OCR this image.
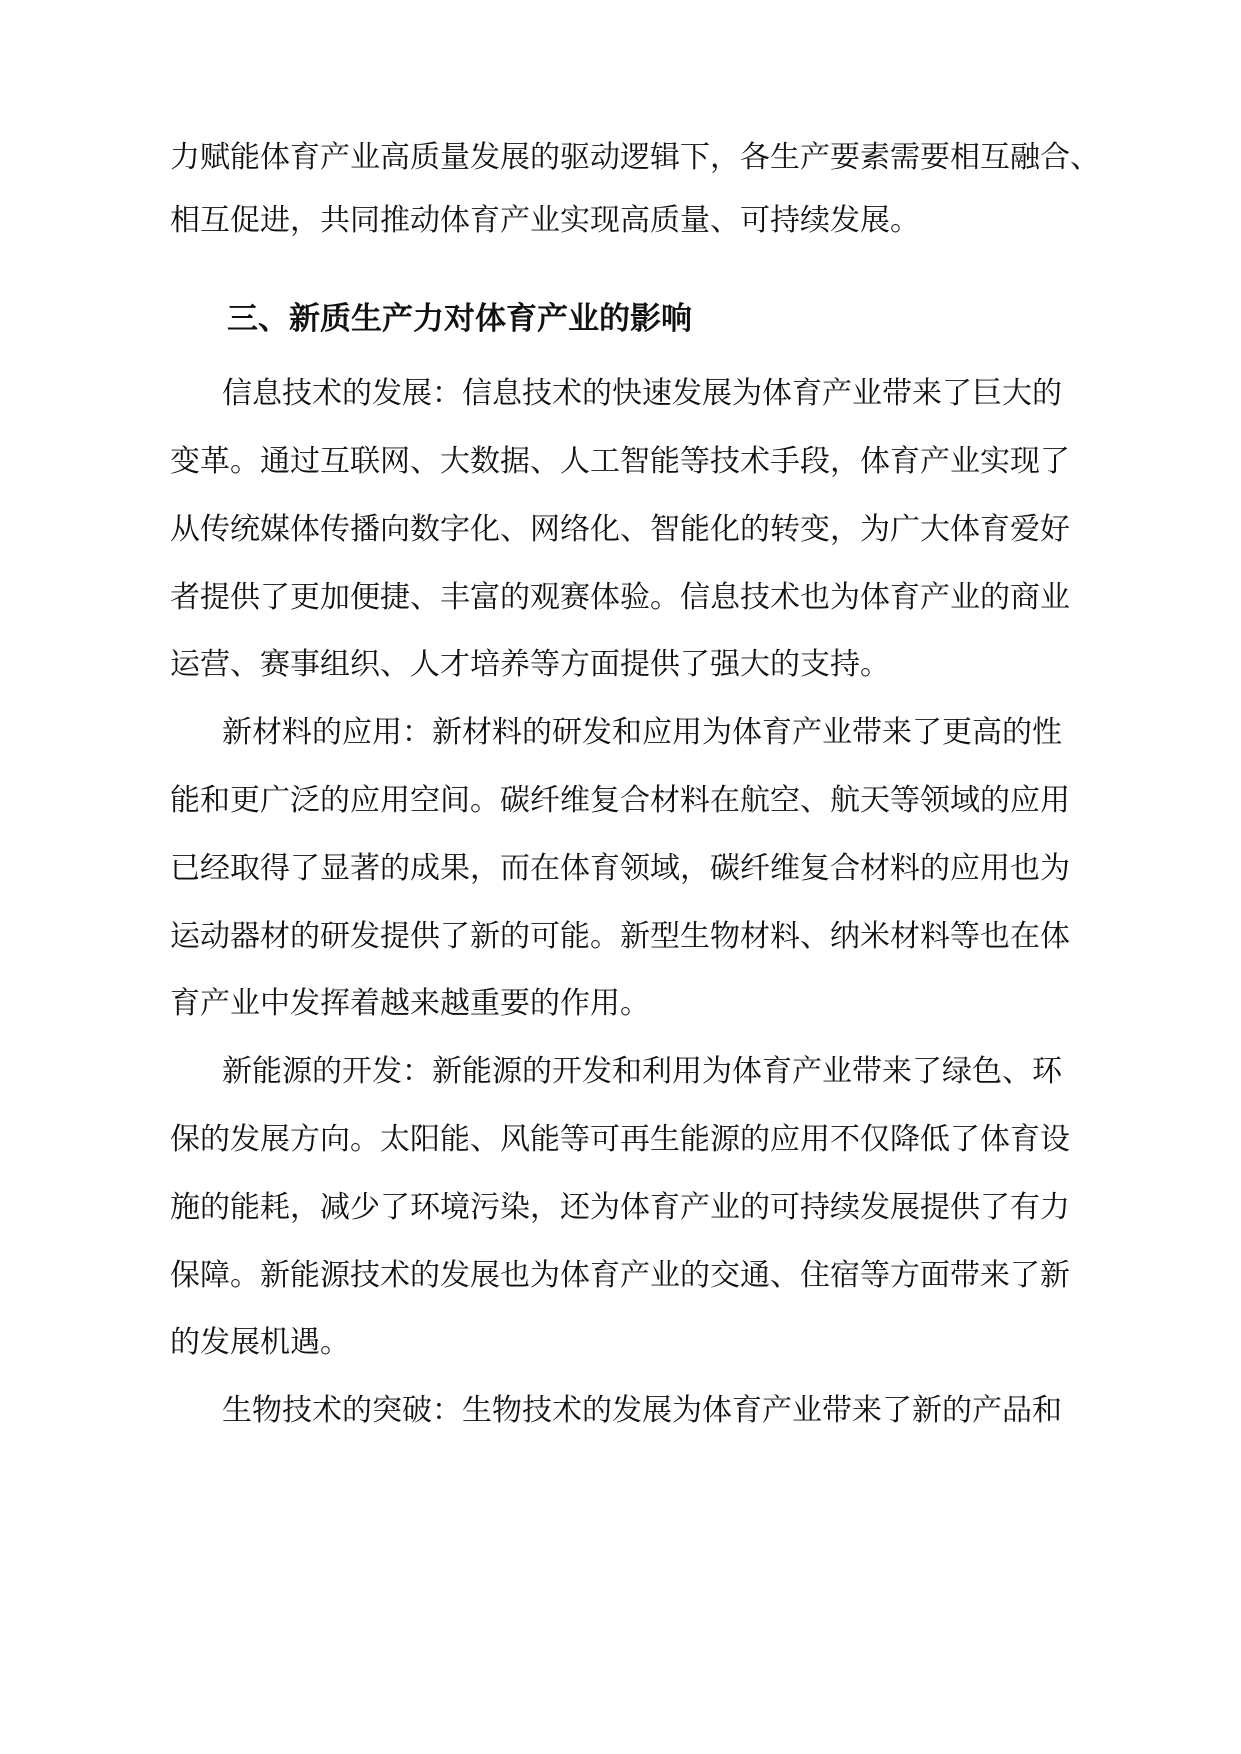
力赋能体育产业高质量发展的驱动逻辑下，各生产要素需要相互融合、
相互促进，共同推动体育产业实现高质量、可持续发展。
三、新质生产力对体育产业的影响
信息技术的发展：信息技术的快速发展为体育产业带来了巨大的
变革。通过互联网、大数据、人工智能等技术手段，体育产业实现了
从传统媒体传播向数字化、网络化、智能化的转变，为广大体育爱好
者提供了更加便捷、丰富的观赛体验。信息技术也为体育产业的商业
运营、赛事组织、人才培养等方面提供了强大的支持。
新材料的应用：新材料的研发和应用为体育产业带来了更高的性
能和更广泛的应用空间。碳纤维复合材料在航空、航天等领域的应用
已经取得了显著的成果，而在体育领域，碳纤维复合材料的应用也为
运动器材的研发提供了新的可能。新型生物材料、纳米材料等也在体
育产业中发挥着越来越重要的作用。
新能源的开发：新能源的开发和利用为体育产业带来了绿色、环
保的发展方向。太阳能、风能等可再生能源的应用不仅降低了体育设
施的能耗，减少了环境污染，还为体育产业的可持续发展提供了有力
保障。新能源技术的发展也为体育产业的交通、住宿等方面带来了新
的发展机遇。
生物技术的突破：生物技术的发展为体育产业带来了新的产品和
